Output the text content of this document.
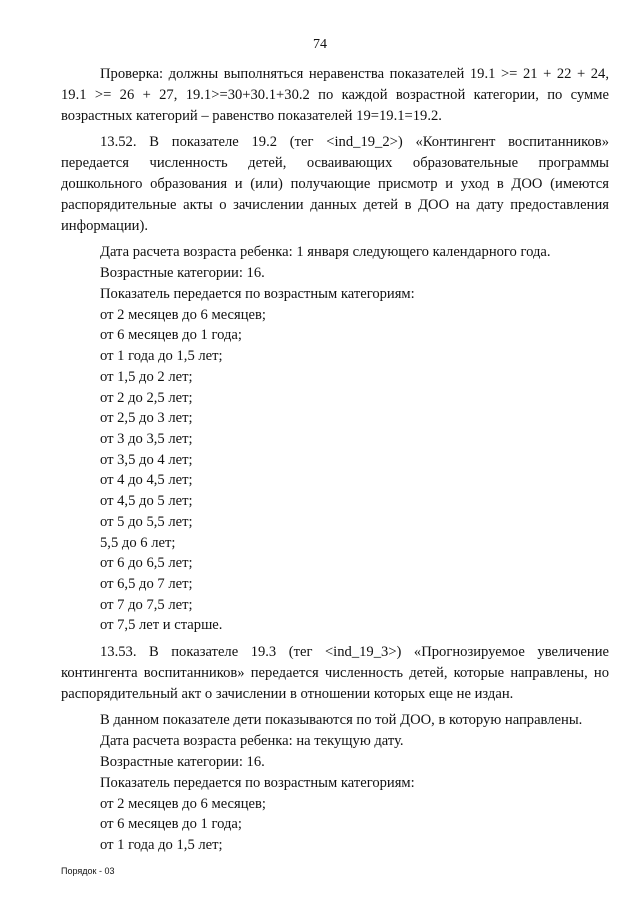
74

Проверка: должны выполняться неравенства показателей 19.1 >= 21 + 22 + 24, 19.1 >= 26 + 27, 19.1>=30+30.1+30.2 по каждой возрастной категории, по сумме возрастных категорий – равенство показателей 19=19.1=19.2.

13.52. В показателе 19.2 (тег <ind_19_2>) «Контингент воспитанников» передается численность детей, осваивающих образовательные программы дошкольного образования и (или) получающие присмотр и уход в ДОО (имеются распорядительные акты о зачислении данных детей в ДОО на дату предоставления информации).

Дата расчета возраста ребенка: 1 января следующего календарного года.

Возрастные категории: 16.

Показатель передается по возрастным категориям:

от 2 месяцев до 6 месяцев;

от 6 месяцев до 1 года;

от 1 года до 1,5 лет;

от 1,5 до 2 лет;

от 2 до 2,5 лет;

от 2,5 до 3 лет;

от 3 до 3,5 лет;

от 3,5 до 4 лет;

от 4 до 4,5 лет;

от 4,5 до 5 лет;

от 5 до 5,5 лет;

5,5 до 6 лет;

от 6 до 6,5 лет;

от 6,5 до 7 лет;

от 7 до 7,5 лет;

от 7,5 лет и старше.

13.53. В показателе 19.3 (тег <ind_19_3>) «Прогнозируемое увеличение контингента воспитанников» передается численность детей, которые направлены, но распорядительный акт о зачислении в отношении которых еще не издан.

В данном показателе дети показываются по той ДОО, в которую направлены.

Дата расчета возраста ребенка: на текущую дату.

Возрастные категории: 16.

Показатель передается по возрастным категориям:

от 2 месяцев до 6 месяцев;

от 6 месяцев до 1 года;

от 1 года до 1,5 лет;

Порядок - 03
